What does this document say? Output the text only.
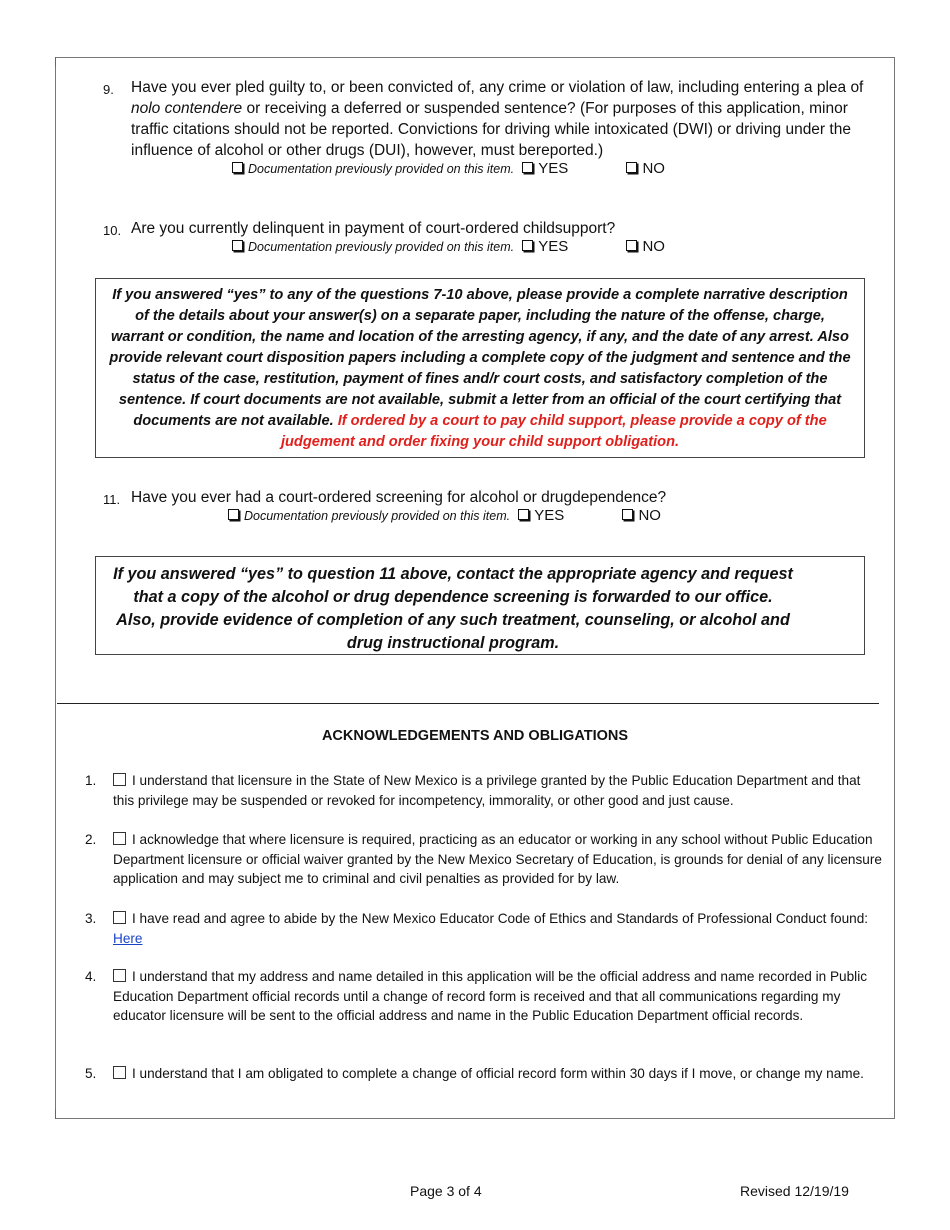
9. Have you ever pled guilty to, or been convicted of, any crime or violation of law, including entering a plea of nolo contendere or receiving a deferred or suspended sentence? (For purposes of this application, minor traffic citations should not be reported. Convictions for driving while intoxicated (DWI) or driving under the influence of alcohol or other drugs (DUI), however, must bereported.)
Documentation previously provided on this item. YES	NO
10. Are you currently delinquent in payment of court-ordered childsupport?
Documentation previously provided on this item. YES	NO
If you answered “yes” to any of the questions 7-10 above, please provide a complete narrative description of the details about your answer(s) on a separate paper, including the nature of the offense, charge, warrant or condition, the name and location of the arresting agency, if any, and the date of any arrest. Also provide relevant court disposition papers including a complete copy of the judgment and sentence and the status of the case, restitution, payment of fines and/r court costs, and satisfactory completion of the sentence. If court documents are not available, submit a letter from an official of the court certifying that documents are not available. If ordered by a court to pay child support, please provide a copy of the judgement and order fixing your child support obligation.
11. Have you ever had a court-ordered screening for alcohol or drugdependence?
Documentation previously provided on this item. YES	NO
If you answered “yes” to question 11 above, contact the appropriate agency and request that a copy of the alcohol or drug dependence screening is forwarded to our office. Also, provide evidence of completion of any such treatment, counseling, or alcohol and drug instructional program.
ACKNOWLEDGEMENTS AND OBLIGATIONS
1.	I understand that licensure in the State of New Mexico is a privilege granted by the Public Education Department and that this privilege may be suspended or revoked for incompetency, immorality, or other good and just cause.
2.	I acknowledge that where licensure is required, practicing as an educator or working in any school without Public Education Department licensure or official waiver granted by the New Mexico Secretary of Education, is grounds for denial of any licensure application and may subject me to criminal and civil penalties as provided for by law.
3.	I have read and agree to abide by the New Mexico Educator Code of Ethics and Standards of Professional Conduct found:
Here
4.	I understand that my address and name detailed in this application will be the official address and name recorded in Public Education Department official records until a change of record form is received and that all communications regarding my educator licensure will be sent to the official address and name in the Public Education Department official records.
5.	I understand that I am obligated to complete a change of official record form within 30 days if I move, or change my name.
Page 3 of 4	Revised 12/19/19
